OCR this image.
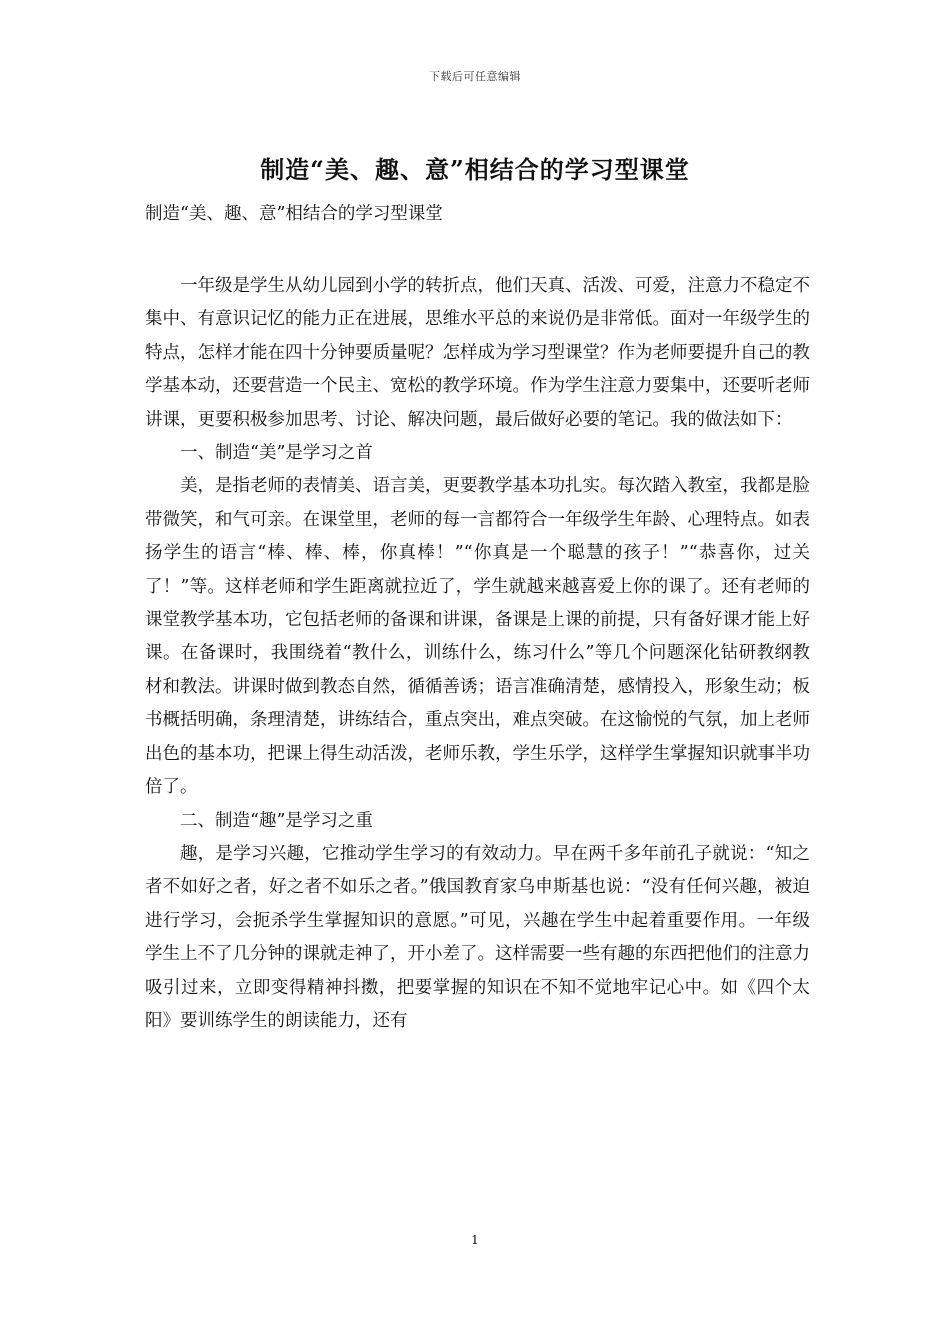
下载后可任意编辑
制造“美、趣、意”相结合的学习型课堂
制造“美、趣、意”相结合的学习型课堂

一年级是学生从幼儿园到小学的转折点，他们天真、活泼、可爱，注意力不稳定不集中、有意识记忆的能力正在进展，思维水平总的来说仍是非常低。面对一年级学生的特点，怎样才能在四十分钟要质量呢？怎样成为学习型课堂？作为老师要提升自己的教学基本动，还要营造一个民主、宽松的教学环境。作为学生注意力要集中，还要听老师讲课，更要积极参加思考、讨论、解决问题，最后做好必要的笔记。我的做法如下：

一、制造“美”是学习之首

美，是指老师的表情美、语言美，更要教学基本功扎实。每次踏入教室，我都是脸带微笑，和气可亲。在课堂里，老师的每一言都符合一年级学生年龄、心理特点。如表扬学生的语言“棒、棒、棒，你真棒！”“你真是一个聪慧的孩子！”“恭喜你，过关了！”等。这样老师和学生距离就拉近了，学生就越来越喜爱上你的课了。还有老师的课堂教学基本功，它包括老师的备课和讲课，备课是上课的前提，只有备好课才能上好课。在备课时，我围绕着“教什么，训练什么，练习什么”等几个问题深化钻研教纲教材和教法。讲课时做到教态自然，循循善诱；语言准确清楚，感情投入，形象生动；板书概括明确，条理清楚，讲练结合，重点突出，难点突破。在这愉悦的气氛，加上老师出色的基本功，把课上得生动活泼，老师乐教，学生乐学，这样学生掌握知识就事半功倍了。

二、制造“趣”是学习之重

趣，是学习兴趣，它推动学生学习的有效动力。早在两千多年前孔子就说：“知之者不如好之者，好之者不如乐之者。”俄国教育家乌申斯基也说：“没有任何兴趣，被迫进行学习，会扼杀学生掌握知识的意愿。”可见，兴趣在学生中起着重要作用。一年级学生上不了几分钟的课就走神了，开小差了。这样需要一些有趣的东西把他们的注意力吸引过来，立即变得精神抖擞，把要掌握的知识在不知不觉地牢记心中。如《四个太阳》要训练学生的朗读能力，还有

1
